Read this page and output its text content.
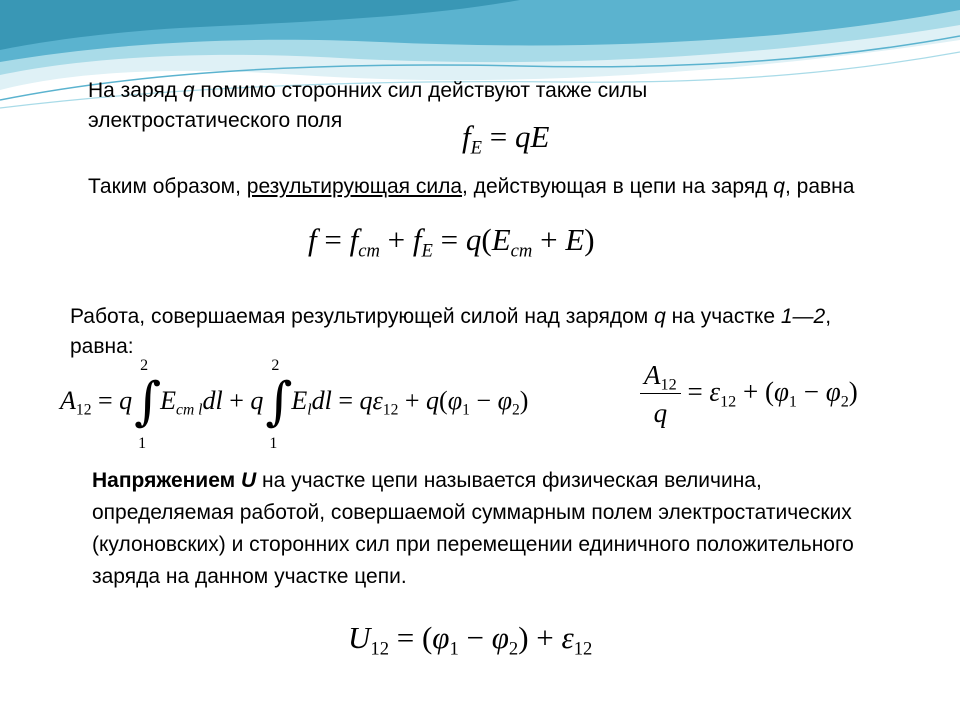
На заряд q помимо сторонних сил действуют также силы электростатического поля	$f_E$ = qE

Таким образом, результирующая сила, действующая в цепи на заряд q, равна

$f = f_{ст} + f_E = q(E_{ст} + E)$

Работа, совершаемая результирующей силой над зарядом q на участке 1—2, равна:

$A_{12} = q$
2
∫
1
$E_{ст l}dl + q$
2
∫
1
$E_ldl = q\varepsilon_{12} + q(\varphi_1 - \varphi_2)$	$\frac{A_{12}}{q} = \varepsilon_{12} + (\varphi_1 - \varphi_2)$

Напряжением U на участке цепи называется физическая величина, определяемая работой, совершаемой суммарным полем электростатических (кулоновских) и сторонних сил при перемещении единичного положительного заряда на данном участке цепи.

$U_{12} = (\varphi_1 - \varphi_2) + \varepsilon_{12}$
